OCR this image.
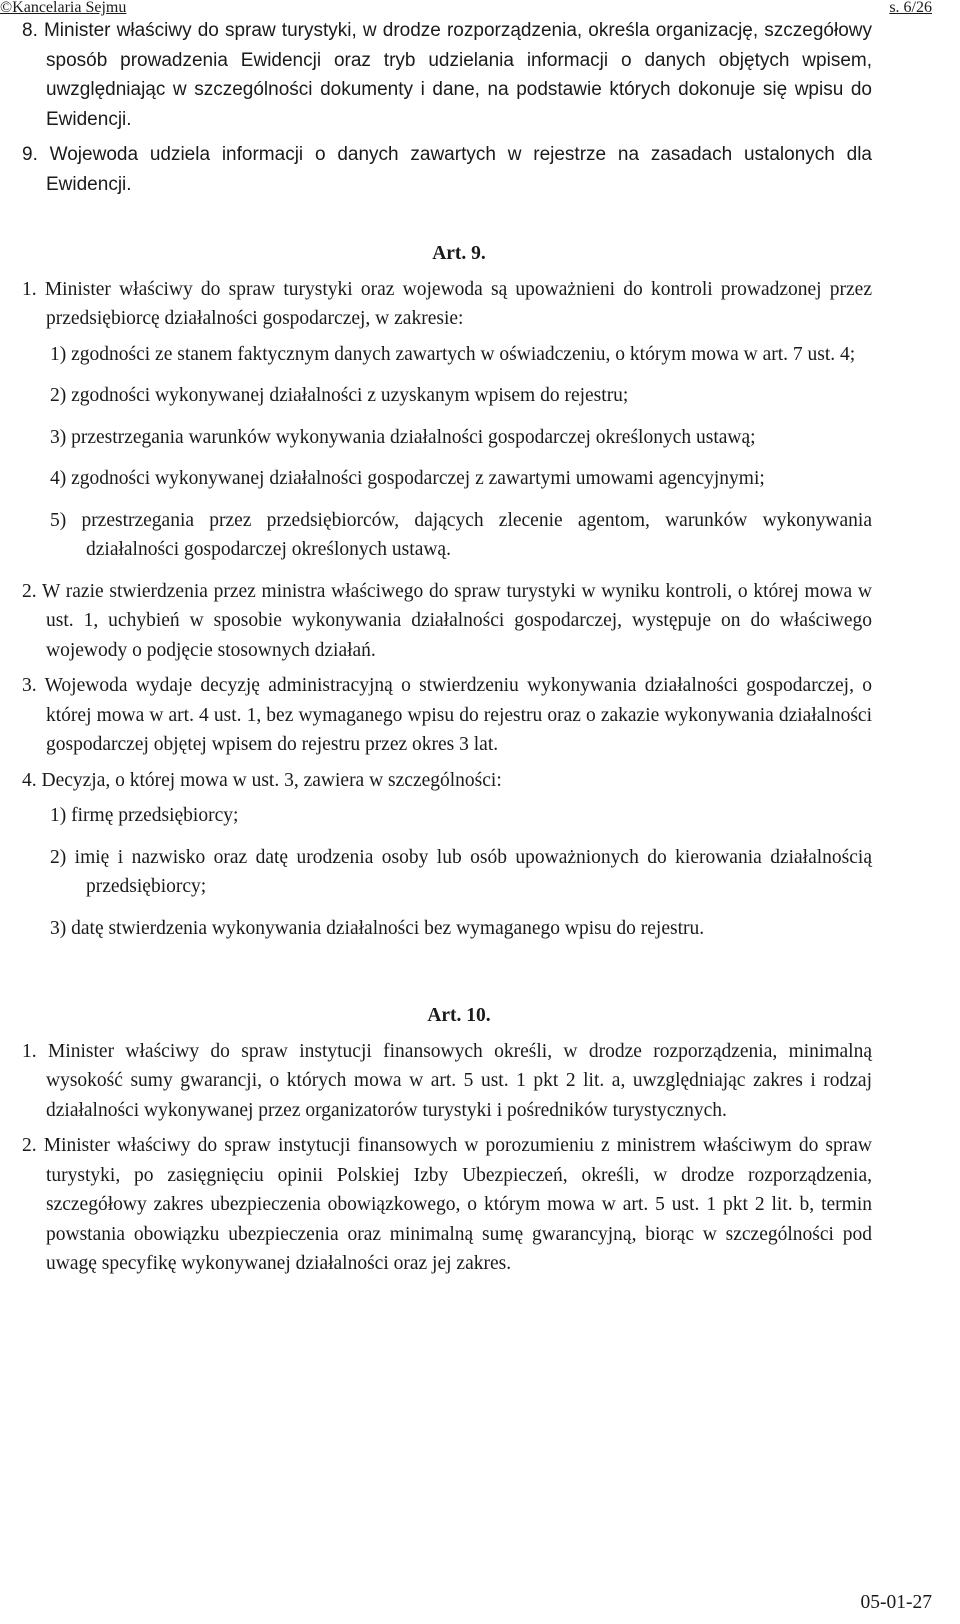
©Kancelaria Sejmu	s. 6/26

8. Minister właściwy do spraw turystyki, w drodze rozporządzenia, określa organizację, szczegółowy sposób prowadzenia Ewidencji oraz tryb udzielania informacji o danych objętych wpisem, uwzględniając w szczególności dokumenty i dane, na podstawie których dokonuje się wpisu do Ewidencji.

9. Wojewoda udziela informacji o danych zawartych w rejestrze na zasadach ustalonych dla Ewidencji.

Art. 9.

1. Minister właściwy do spraw turystyki oraz wojewoda są upoważnieni do kontroli prowadzonej przez przedsiębiorcę działalności gospodarczej, w zakresie:

1) zgodności ze stanem faktycznym danych zawartych w oświadczeniu, o którym mowa w art. 7 ust. 4;

2) zgodności wykonywanej działalności z uzyskanym wpisem do rejestru;

3) przestrzegania warunków wykonywania działalności gospodarczej określonych ustawą;

4) zgodności wykonywanej działalności gospodarczej z zawartymi umowami agencyjnymi;

5) przestrzegania przez przedsiębiorców, dających zlecenie agentom, warunków wykonywania działalności gospodarczej określonych ustawą.

2. W razie stwierdzenia przez ministra właściwego do spraw turystyki w wyniku kontroli, o której mowa w ust. 1, uchybień w sposobie wykonywania działalności gospodarczej, występuje on do właściwego wojewody o podjęcie stosownych działań.

3. Wojewoda wydaje decyzję administracyjną o stwierdzeniu wykonywania działalności gospodarczej, o której mowa w art. 4 ust. 1, bez wymaganego wpisu do rejestru oraz o zakazie wykonywania działalności gospodarczej objętej wpisem do rejestru przez okres 3 lat.

4. Decyzja, o której mowa w ust. 3, zawiera w szczególności:

1) firmę przedsiębiorcy;

2) imię i nazwisko oraz datę urodzenia osoby lub osób upoważnionych do kierowania działalnością przedsiębiorcy;

3) datę stwierdzenia wykonywania działalności bez wymaganego wpisu do rejestru.

Art. 10.

1. Minister właściwy do spraw instytucji finansowych określi, w drodze rozporządzenia, minimalną wysokość sumy gwarancji, o których mowa w art. 5 ust. 1 pkt 2 lit. a, uwzględniając zakres i rodzaj działalności wykonywanej przez organizatorów turystyki i pośredników turystycznych.

2. Minister właściwy do spraw instytucji finansowych w porozumieniu z ministrem właściwym do spraw turystyki, po zasięgnięciu opinii Polskiej Izby Ubezpieczeń, określi, w drodze rozporządzenia, szczegółowy zakres ubezpieczenia obowiązkowego, o którym mowa w art. 5 ust. 1 pkt 2 lit. b, termin powstania obowiązku ubezpieczenia oraz minimalną sumę gwarancyjną, biorąc w szczególności pod uwagę specyfikę wykonywanej działalności oraz jej zakres.

05-01-27
